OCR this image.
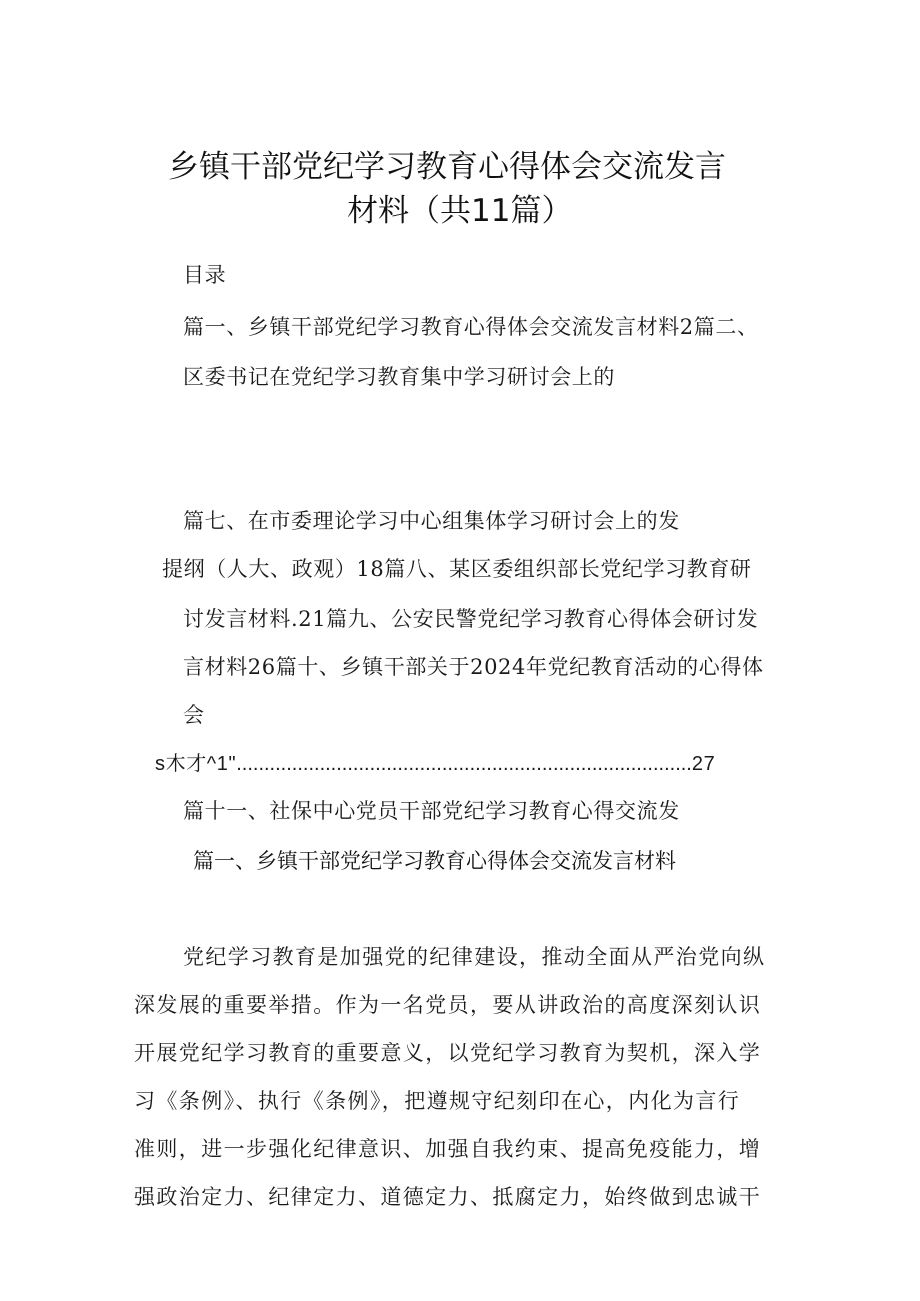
乡镇干部党纪学习教育心得体会交流发言

材料（共11篇）

目录

篇一、乡镇干部党纪学习教育心得体会交流发言材料2篇二、

区委书记在党纪学习教育集中学习研讨会上的

篇七、在市委理论学习中心组集体学习研讨会上的发

提纲（人大、政观）18篇八、某区委组织部长党纪学习教育研

讨发言材料.21篇九、公安民警党纪学习教育心得体会研讨发

言材料26篇十、乡镇干部关于2024年党纪教育活动的心得体

会

s木才^1"..................................................................................27

篇十一、社保中心党员干部党纪学习教育心得交流发

篇一、乡镇干部党纪学习教育心得体会交流发言材料

党纪学习教育是加强党的纪律建设，推动全面从严治党向纵

深发展的重要举措。作为一名党员，要从讲政治的高度深刻认识

开展党纪学习教育的重要意义，以党纪学习教育为契机，深入学

习《条例》、执行《条例》，把遵规守纪刻印在心，内化为言行

准则，进一步强化纪律意识、加强自我约束、提高免疫能力，增

强政治定力、纪律定力、道德定力、抵腐定力，始终做到忠诚干
